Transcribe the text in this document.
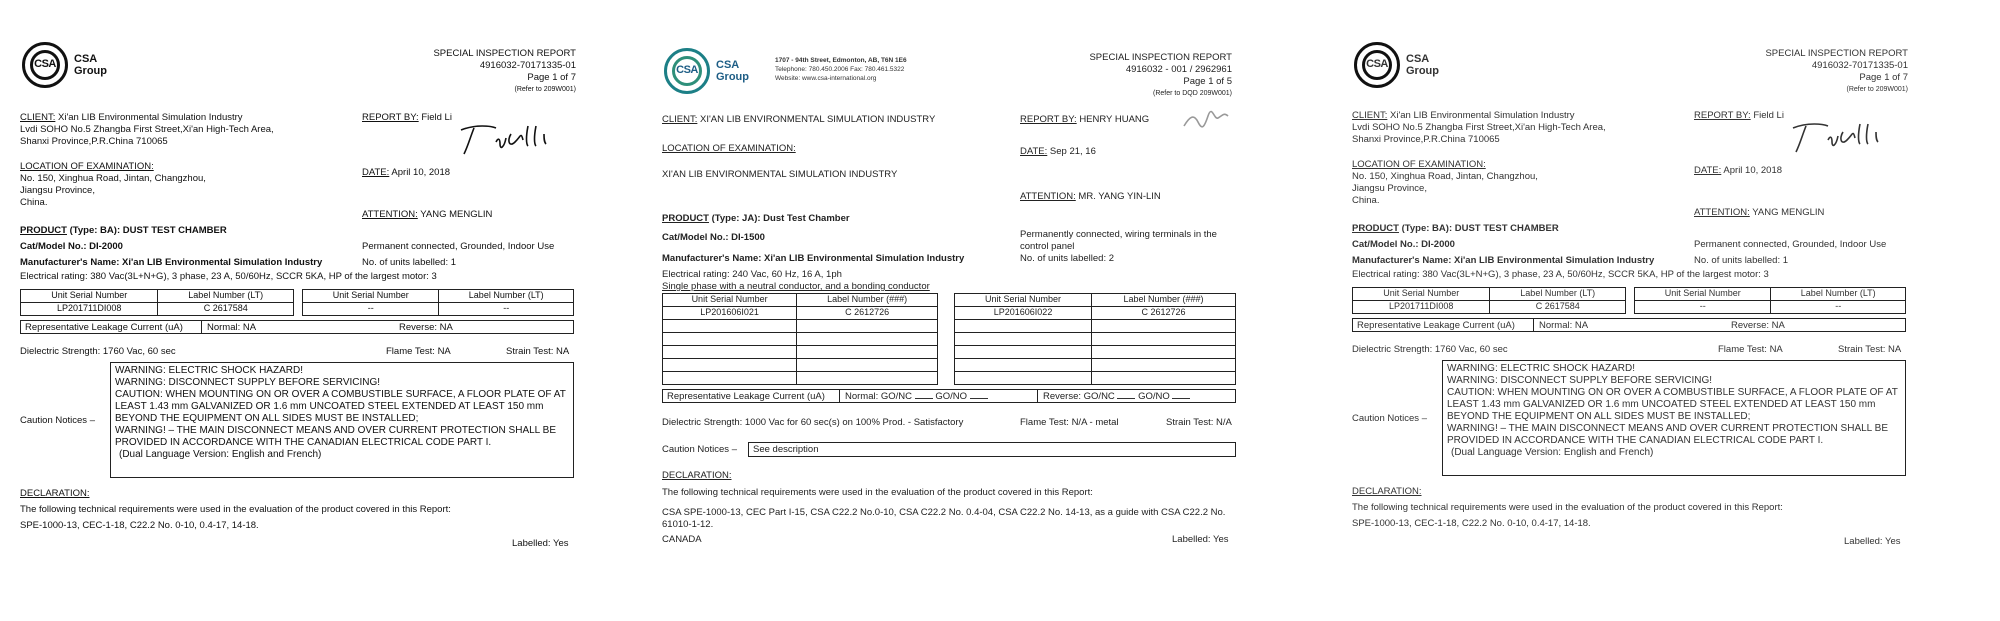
CSA	CSA
Group
SPECIAL INSPECTION REPORT
4916032-70171335-01
Page 1 of 7
(Refer to 209W001)
CLIENT: Xi'an LIB Environmental Simulation Industry
Lvdi SOHO No.5 Zhangba First Street,Xi'an High-Tech Area,
Shanxi Province,P.R.China 710065
REPORT BY: Field Li
LOCATION OF EXAMINATION:
No. 150, Xinghua Road, Jintan, Changzhou,
Jiangsu Province,
China.
DATE: April 10, 2018
ATTENTION: YANG MENGLIN
PRODUCT (Type: BA): DUST TEST CHAMBER
Cat/Model No.: DI-2000	Permanent connected, Grounded, Indoor Use
Manufacturer's Name: Xi'an LIB Environmental Simulation Industry	No. of units labelled: 1
Electrical rating: 380 Vac(3L+N+G), 3 phase, 23 A, 50/60Hz, SCCR 5KA, HP of the largest motor: 3
Unit Serial Number	Label Number (LT)
LP201711DI008	C 2617584
Unit Serial Number	Label Number (LT)
--	--
Representative Leakage Current (uA)	Normal: NA	Reverse: NA
Dielectric Strength: 1760 Vac, 60 sec	Flame Test: NA	Strain Test: NA
Caution Notices –
WARNING: ELECTRIC SHOCK HAZARD!
WARNING: DISCONNECT SUPPLY BEFORE SERVICING!
CAUTION: WHEN MOUNTING ON OR OVER A COMBUSTIBLE SURFACE, A FLOOR PLATE OF AT LEAST 1.43 mm GALVANIZED OR 1.6 mm UNCOATED STEEL EXTENDED AT LEAST 150 mm BEYOND THE EQUIPMENT ON ALL SIDES MUST BE INSTALLED;
WARNING! – THE MAIN DISCONNECT MEANS AND OVER CURRENT PROTECTION SHALL BE PROVIDED IN ACCORDANCE WITH THE CANADIAN ELECTRICAL CODE PART I.
(Dual Language Version: English and French)
DECLARATION:
The following technical requirements were used in the evaluation of the product covered in this Report:
SPE-1000-13, CEC-1-18, C22.2 No. 0-10, 0.4-17, 14-18.
Labelled: Yes
CSA	CSA
Group
1707 - 94th Street, Edmonton, AB, T6N 1E6
Telephone: 780.450.2006 Fax: 780.461.5322
Website: www.csa-international.org
SPECIAL INSPECTION REPORT
4916032 - 001 / 2962961
Page 1 of 5
(Refer to DQD 209W001)
CLIENT: XI'AN LIB ENVIRONMENTAL SIMULATION INDUSTRY	REPORT BY: HENRY HUANG
LOCATION OF EXAMINATION:	DATE: Sep 21, 16
XI'AN LIB ENVIRONMENTAL SIMULATION INDUSTRY
ATTENTION: MR. YANG YIN-LIN
PRODUCT (Type: JA): Dust Test Chamber
Cat/Model No.: DI-1500	Permanently connected, wiring terminals in the control panel
Manufacturer's Name: Xi'an LIB Environmental Simulation Industry	No. of units labelled: 2
Electrical rating: 240 Vac, 60 Hz, 16 A, 1ph
Single phase with a neutral conductor, and a bonding conductor
Unit Serial Number	Label Number (###)
LP201606I021	C 2612726

Unit Serial Number	Label Number (###)
LP201606I022	C 2612726

Representative Leakage Current (uA) Normal: GO/NC GO/NO	Reverse: GO/NC GO/NO
Dielectric Strength: 1000 Vac for 60 sec(s) on 100% Prod. - Satisfactory	Flame Test: N/A - metal	Strain Test: N/A
Caution Notices – See description
DECLARATION:
The following technical requirements were used in the evaluation of the product covered in this Report:
CSA SPE-1000-13, CEC Part I-15, CSA C22.2 No.0-10, CSA C22.2 No. 0.4-04, CSA C22.2 No. 14-13, as a guide with CSA C22.2 No. 61010-1-12.
CANADA	Labelled: Yes
CSA	CSA
Group
SPECIAL INSPECTION REPORT
4916032-70171335-01
Page 1 of 7
(Refer to 209W001)
CLIENT: Xi'an LIB Environmental Simulation Industry
Lvdi SOHO No.5 Zhangba First Street,Xi'an High-Tech Area,
Shanxi Province,P.R.China 710065
REPORT BY: Field Li
LOCATION OF EXAMINATION:
No. 150, Xinghua Road, Jintan, Changzhou,
Jiangsu Province,
China.
DATE: April 10, 2018
ATTENTION: YANG MENGLIN
PRODUCT (Type: BA): DUST TEST CHAMBER
Cat/Model No.: DI-2000	Permanent connected, Grounded, Indoor Use
Manufacturer's Name: Xi'an LIB Environmental Simulation Industry	No. of units labelled: 1
Electrical rating: 380 Vac(3L+N+G), 3 phase, 23 A, 50/60Hz, SCCR 5KA, HP of the largest motor: 3
Unit Serial Number	Label Number (LT)
LP201711DI008	C 2617584
Unit Serial Number	Label Number (LT)
--	--
Representative Leakage Current (uA)	Normal: NA	Reverse: NA
Dielectric Strength: 1760 Vac, 60 sec	Flame Test: NA	Strain Test: NA
Caution Notices –
WARNING: ELECTRIC SHOCK HAZARD!
WARNING: DISCONNECT SUPPLY BEFORE SERVICING!
CAUTION: WHEN MOUNTING ON OR OVER A COMBUSTIBLE SURFACE, A FLOOR PLATE OF AT LEAST 1.43 mm GALVANIZED OR 1.6 mm UNCOATED STEEL EXTENDED AT LEAST 150 mm BEYOND THE EQUIPMENT ON ALL SIDES MUST BE INSTALLED;
WARNING! – THE MAIN DISCONNECT MEANS AND OVER CURRENT PROTECTION SHALL BE PROVIDED IN ACCORDANCE WITH THE CANADIAN ELECTRICAL CODE PART I.
(Dual Language Version: English and French)
DECLARATION:
The following technical requirements were used in the evaluation of the product covered in this Report:
SPE-1000-13, CEC-1-18, C22.2 No. 0-10, 0.4-17, 14-18.
Labelled: Yes
